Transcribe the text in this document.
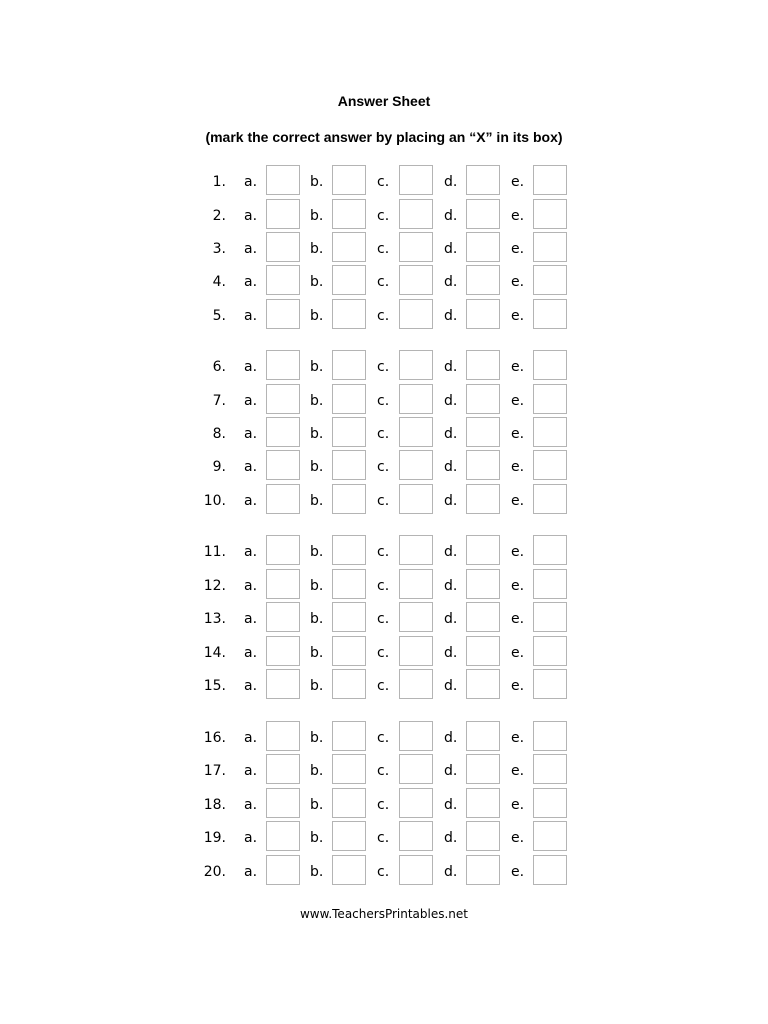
Answer Sheet
(mark the correct answer by placing an “X” in its box)
1. a.	b.	c.	d.	e.
2. a.	b.	c.	d.	e.
3. a.	b.	c.	d.	e.
4. a.	b.	c.	d.	e.
5. a.	b.	c.	d.	e.
6. a.	b.	c.	d.	e.
7. a.	b.	c.	d.	e.
8. a.	b.	c.	d.	e.
9. a.	b.	c.	d.	e.
10. a.	b.	c.	d.	e.
11. a.	b.	c.	d.	e.
12. a.	b.	c.	d.	e.
13. a.	b.	c.	d.	e.
14. a.	b.	c.	d.	e.
15. a.	b.	c.	d.	e.
16. a.	b.	c.	d.	e.
17. a.	b.	c.	d.	e.
18. a.	b.	c.	d.	e.
19. a.	b.	c.	d.	e.
20. a.	b.	c.	d.	e.
www.TeachersPrintables.net
